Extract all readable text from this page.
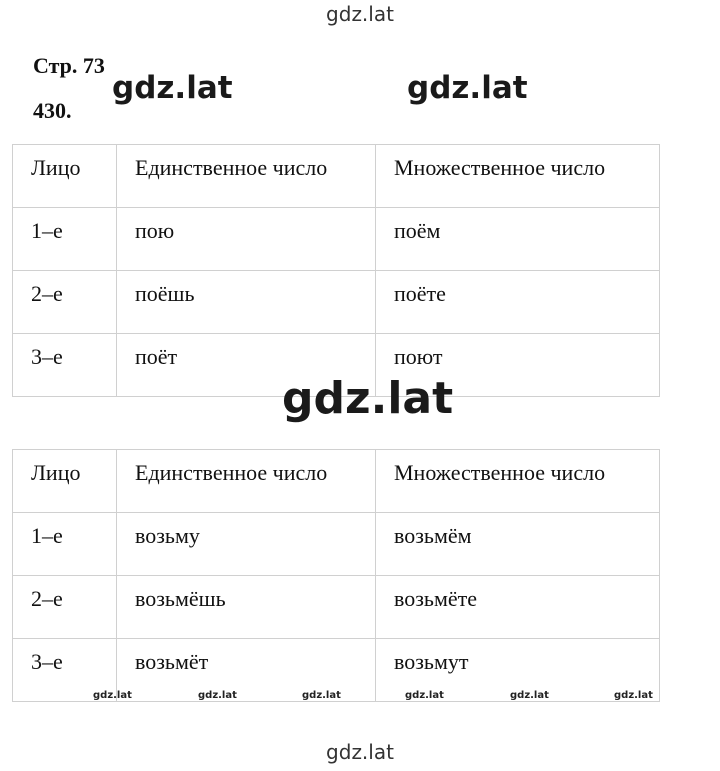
gdz.lat
Стр. 73
430.
gdz.lat	gdz.lat
Лицо	Единственное число	Множественное число
1–е	пою	поём
2–е	поёшь	поёте
3–е	поёт	поют
gdz.lat
Лицо	Единственное число	Множественное число
1–е	возьму	возьмём
2–е	возьмёшь	возьмёте
3–е	возьмёт	возьмут
gdz.lat	gdz.lat	gdz.lat	gdz.lat	gdz.lat	gdz.lat
gdz.lat
